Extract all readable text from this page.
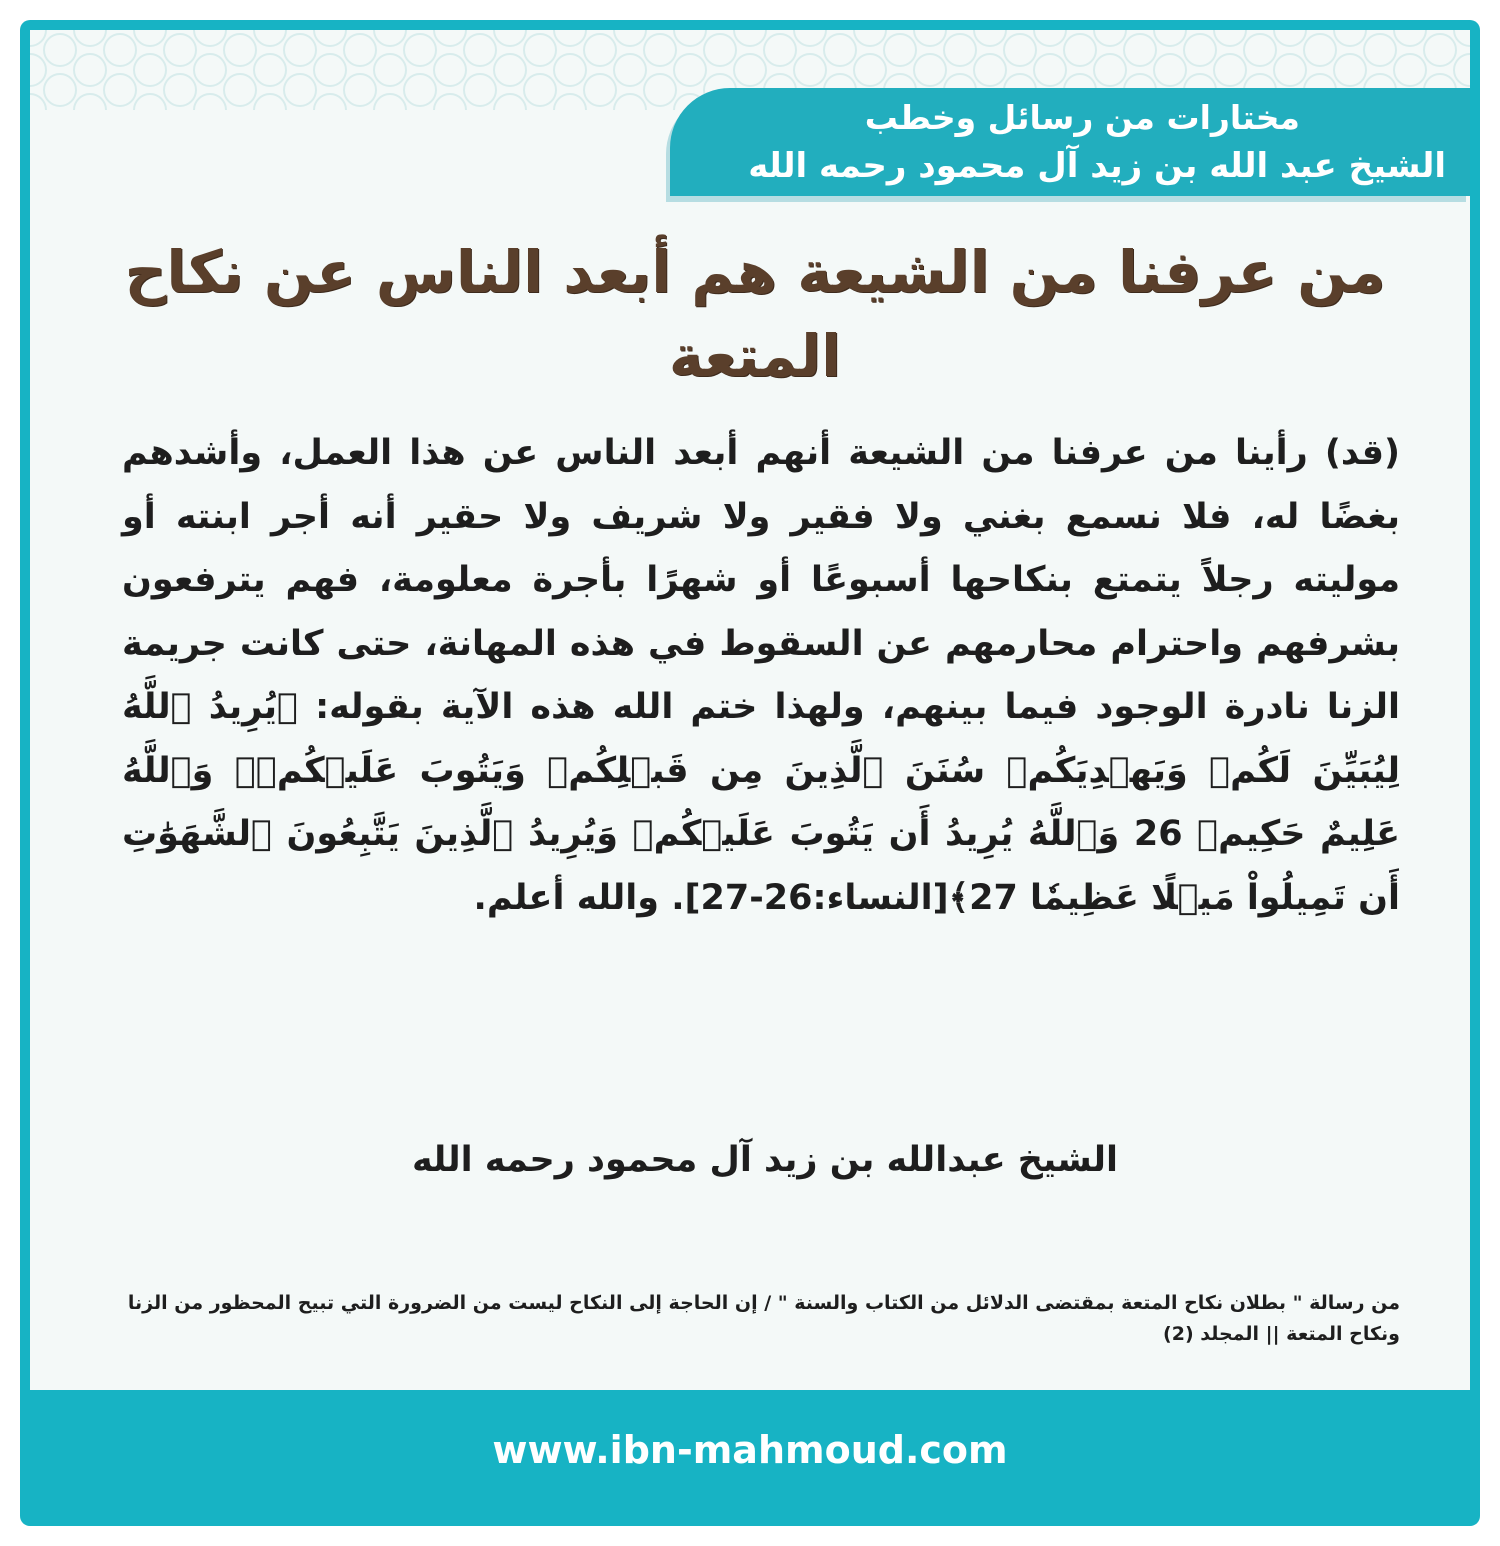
مختارات من رسائل وخطب
الشيخ عبد الله بن زيد آل محمود رحمه الله
من عرفنا من الشيعة هم أبعد الناس عن نكاح المتعة
(قد) رأينا من عرفنا من الشيعة أنهم أبعد الناس عن هذا العمل، وأشدهم بغضًا له، فلا نسمع بغني ولا فقير ولا شريف ولا حقير أنه أجر ابنته أو موليته رجلاً يتمتع بنكاحها أسبوعًا أو شهرًا بأجرة معلومة، فهم يترفعون بشرفهم واحترام محارمهم عن السقوط في هذه المهانة، حتى كانت جريمة الزنا نادرة الوجود فيما بينهم، ولهذا ختم الله هذه الآية بقوله: ﴿يُرِيدُ ٱللَّهُ لِيُبَيِّنَ لَكُمۡ وَيَهۡدِيَكُمۡ سُنَنَ ٱلَّذِينَ مِن قَبۡلِكُمۡ وَيَتُوبَ عَلَيۡكُمۡۗ وَٱللَّهُ عَلِيمٌ حَكِيمٞ 26 وَٱللَّهُ يُرِيدُ أَن يَتُوبَ عَلَيۡكُمۡ وَيُرِيدُ ٱلَّذِينَ يَتَّبِعُونَ ٱلشَّهَوَٰتِ أَن تَمِيلُواْ مَيۡلًا عَظِيمٗا 27﴾[النساء:26-27]. والله أعلم.
الشيخ عبدالله بن زيد آل محمود رحمه الله
من رسالة " بطلان نكاح المتعة بمقتضى الدلائل من الكتاب والسنة " / إن الحاجة إلى النكاح ليست من الضرورة التي تبيح المحظور من الزنا ونكاح المتعة || المجلد (2)
www.ibn-mahmoud.com
